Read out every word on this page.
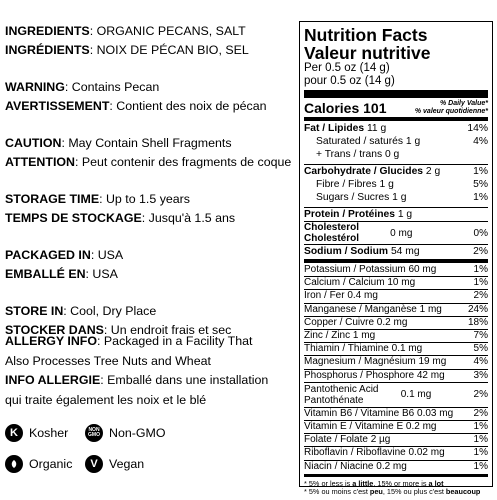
INGREDIENTS: ORGANIC PECANS, SALT
INGRÉDIENTS: NOIX DE PÉCAN BIO, SEL
WARNING: Contains Pecan
AVERTISSEMENT: Contient des noix de pécan
CAUTION: May Contain Shell Fragments
ATTENTION: Peut contenir des fragments de coque
STORAGE TIME: Up to 1.5 years
TEMPS DE STOCKAGE: Jusqu'à 1.5 ans
PACKAGED IN: USA
EMBALLÉ EN: USA
STORE IN: Cool, Dry Place
STOCKER DANS: Un endroit frais et sec
ALLERGY INFO: Packaged in a Facility That
Also Processes Tree Nuts and Wheat
INFO ALLERGIE: Emballé dans une installation
qui traite également les noix et le blé
K Kosher	NON
GMO Non-GMO
Organic	V Vegan
Nutrition Facts
Valeur nutritive
Per 0.5 oz (14 g)
pour 0.5 oz (14 g)
Calories 101	% Daily Value*
% valeur quotidienne*
Fat / Lipides 11 g	14%
Saturated / saturés 1 g	4%
+ Trans / trans 0 g
Carbohydrate / Glucides 2 g	1%
Fibre / Fibres 1 g	5%
Sugars / Sucres 1 g	1%
Protein / Protéines 1 g
Cholesterol
Cholestérol	0 mg	0%
Sodium / Sodium 54 mg	2%
Potassium / Potassium 60 mg	1%
Calcium / Calcium 10 mg	1%
Iron / Fer 0.4 mg	2%
Manganese / Manganèse 1 mg	24%
Copper / Cuivre 0.2 mg	18%
Zinc / Zinc 1 mg	7%
Thiamin / Thiamine 0.1 mg	5%
Magnesium / Magnésium 19 mg	4%
Phosphorus / Phosphore 42 mg	3%
Pantothenic Acid
Pantothénate	0.1 mg	2%
Vitamin B6 / Vitamine B6 0.03 mg 2%
Vitamin E / Vitamine E 0.2 mg	1%
Folate / Folate 2 µg	1%
Riboflavin / Riboflavine 0.02 mg	1%
Niacin / Niacine 0.2 mg	1%
* 5% or less is a little, 15% or more is a lot
* 5% ou moins c'est peu, 15% ou plus c'est beaucoup
